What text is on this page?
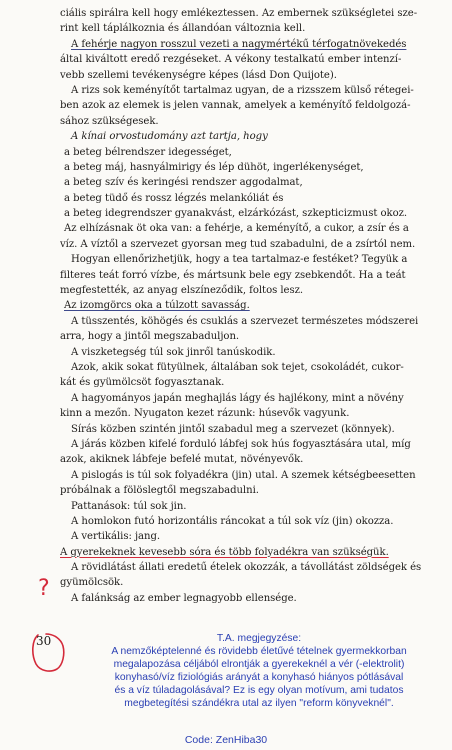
ciális spirálra kell hogy emlékeztessen. Az embernek szükségletei sze-
rint kell táplálkoznia és állandóan változnia kell.
A fehérje nagyon rosszul vezeti a nagymértékű térfogatnövekedés
által kiváltott eredő rezgéseket. A vékony testalkatú ember intenzí-
vebb szellemi tevékenységre képes (lásd Don Quijote).
A rizs sok keményítőt tartalmaz ugyan, de a rizsszem külső rétegei-
ben azok az elemek is jelen vannak, amelyek a keményítő feldolgozá-
sához szükségesek.
A kínai orvostudomány azt tartja, hogy
a beteg bélrendszer idegességet,
a beteg máj, hasnyálmirigy és lép dühöt, ingerlékenységet,
a beteg szív és keringési rendszer aggodalmat,
a beteg tüdő és rossz légzés melankóliát és
a beteg idegrendszer gyanakvást, elzárkózást, szkepticizmust okoz.
Az elhízásnak öt oka van: a fehérje, a keményítő, a cukor, a zsír és a
víz. A víztől a szervezet gyorsan meg tud szabadulni, de a zsírtól nem.
Hogyan ellenőrizhetjük, hogy a tea tartalmaz-e festéket? Tegyük a
filteres teát forró vízbe, és mártsunk bele egy zsebkendőt. Ha a teát
megfestették, az anyag elszíneződik, foltos lesz.
Az izomgörcs oka a túlzott savasság.
A tüsszentés, köhögés és csuklás a szervezet természetes módszerei
arra, hogy a jintől megszabaduljon.
A viszketegség túl sok jinről tanúskodik.
Azok, akik sokat fütyülnek, általában sok tejet, csokoládét, cukor-
kát és gyümölcsöt fogyasztanak.
A hagyományos japán meghajlás lágy és hajlékony, mint a növény
kinn a mezőn. Nyugaton kezet rázunk: húsevők vagyunk.
Sírás közben szintén jintől szabadul meg a szervezet (könnyek).
A járás közben kifelé forduló lábfej sok hús fogyasztására utal, míg
azok, akiknek lábfeje befelé mutat, növényevők.
A pislogás is túl sok folyadékra (jin) utal. A szemek kétségbeesetten
próbálnak a fölöslegtől megszabadulni.
Pattanások: túl sok jin.
A homlokon futó horizontális ráncokat a túl sok víz (jin) okozza.
A vertikális: jang.
A gyerekeknek kevesebb sóra és több folyadékra van szükségük.
A rövidlátást állati eredetű ételek okozzák, a távollátást zöldségek és
gyümölcsök.
A falánkság az ember legnagyobb ellensége.
?
30	T.A. megjegyzése:
A nemzőképtelenné és rövidebb életűvé tételnek gyermekkorban
megalapozása céljából elrontják a gyerekeknél a vér (-elektrolit)
konyhasó/víz fiziológiás arányát a konyhasó hiányos pótlásával
és a víz túladagolásával? Ez is egy olyan motívum, ami tudatos
megbetegítési szándékra utal az ilyen "reform könyveknél".
Code: ZenHiba30
